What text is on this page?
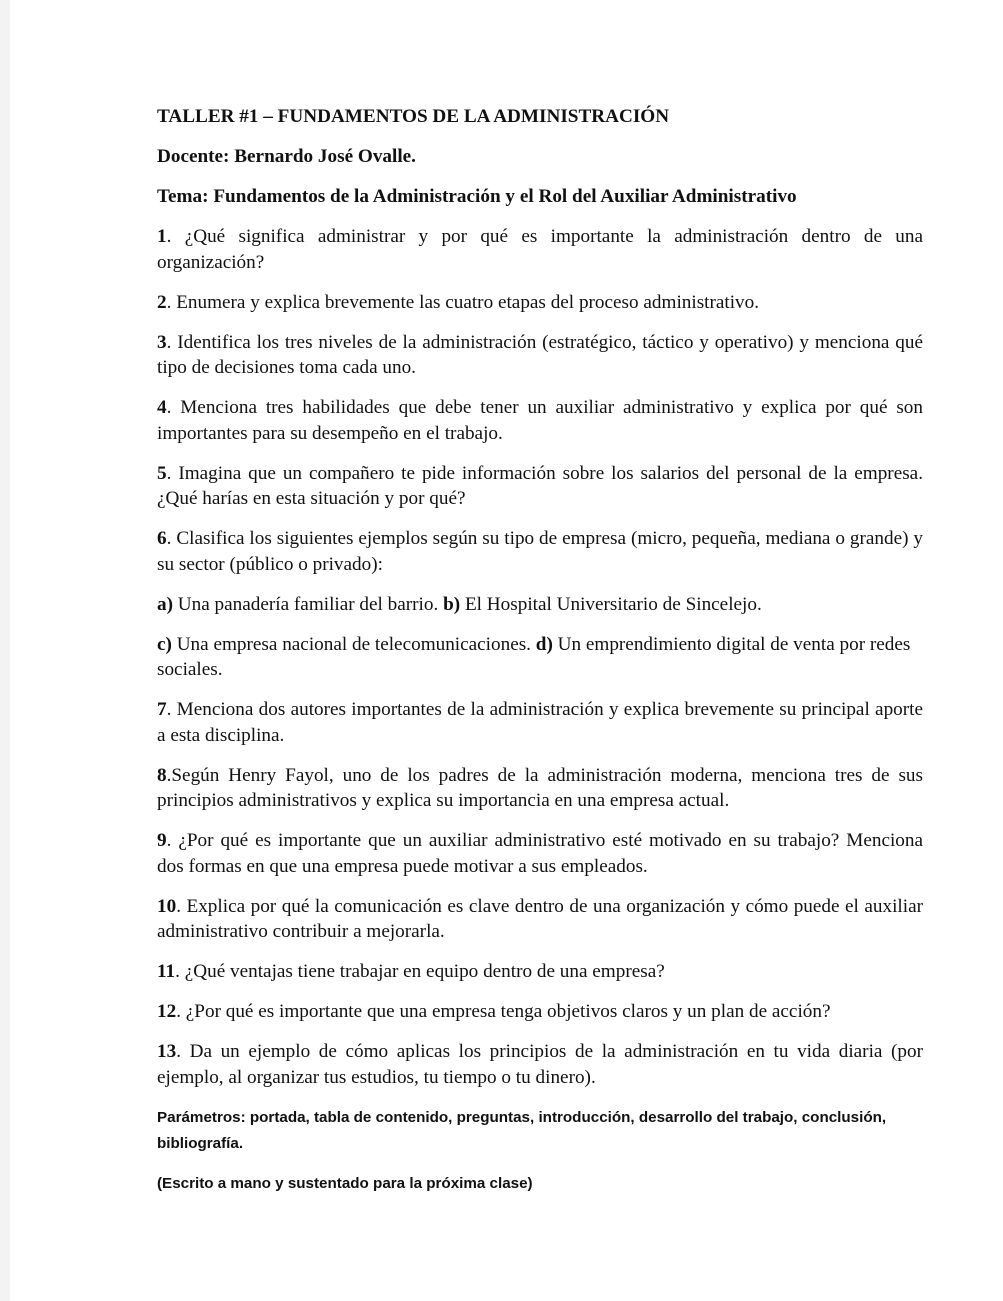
TALLER #1 – FUNDAMENTOS DE LA ADMINISTRACIÓN

Docente: Bernardo José Ovalle.

Tema: Fundamentos de la Administración y el Rol del Auxiliar Administrativo

1. ¿Qué significa administrar y por qué es importante la administración dentro de una organización?

2. Enumera y explica brevemente las cuatro etapas del proceso administrativo.

3. Identifica los tres niveles de la administración (estratégico, táctico y operativo) y menciona qué tipo de decisiones toma cada uno.

4. Menciona tres habilidades que debe tener un auxiliar administrativo y explica por qué son importantes para su desempeño en el trabajo.

5. Imagina que un compañero te pide información sobre los salarios del personal de la empresa. ¿Qué harías en esta situación y por qué?

6. Clasifica los siguientes ejemplos según su tipo de empresa (micro, pequeña, mediana o grande) y su sector (público o privado):

a) Una panadería familiar del barrio. b) El Hospital Universitario de Sincelejo.

c) Una empresa nacional de telecomunicaciones. d) Un emprendimiento digital de venta por redes sociales.

7. Menciona dos autores importantes de la administración y explica brevemente su principal aporte a esta disciplina.

8.Según Henry Fayol, uno de los padres de la administración moderna, menciona tres de sus principios administrativos y explica su importancia en una empresa actual.

9. ¿Por qué es importante que un auxiliar administrativo esté motivado en su trabajo? Menciona dos formas en que una empresa puede motivar a sus empleados.

10. Explica por qué la comunicación es clave dentro de una organización y cómo puede el auxiliar administrativo contribuir a mejorarla.

11. ¿Qué ventajas tiene trabajar en equipo dentro de una empresa?

12. ¿Por qué es importante que una empresa tenga objetivos claros y un plan de acción?

13. Da un ejemplo de cómo aplicas los principios de la administración en tu vida diaria (por ejemplo, al organizar tus estudios, tu tiempo o tu dinero).

Parámetros: portada, tabla de contenido, preguntas, introducción, desarrollo del trabajo, conclusión, bibliografía.

(Escrito a mano y sustentado para la próxima clase)
